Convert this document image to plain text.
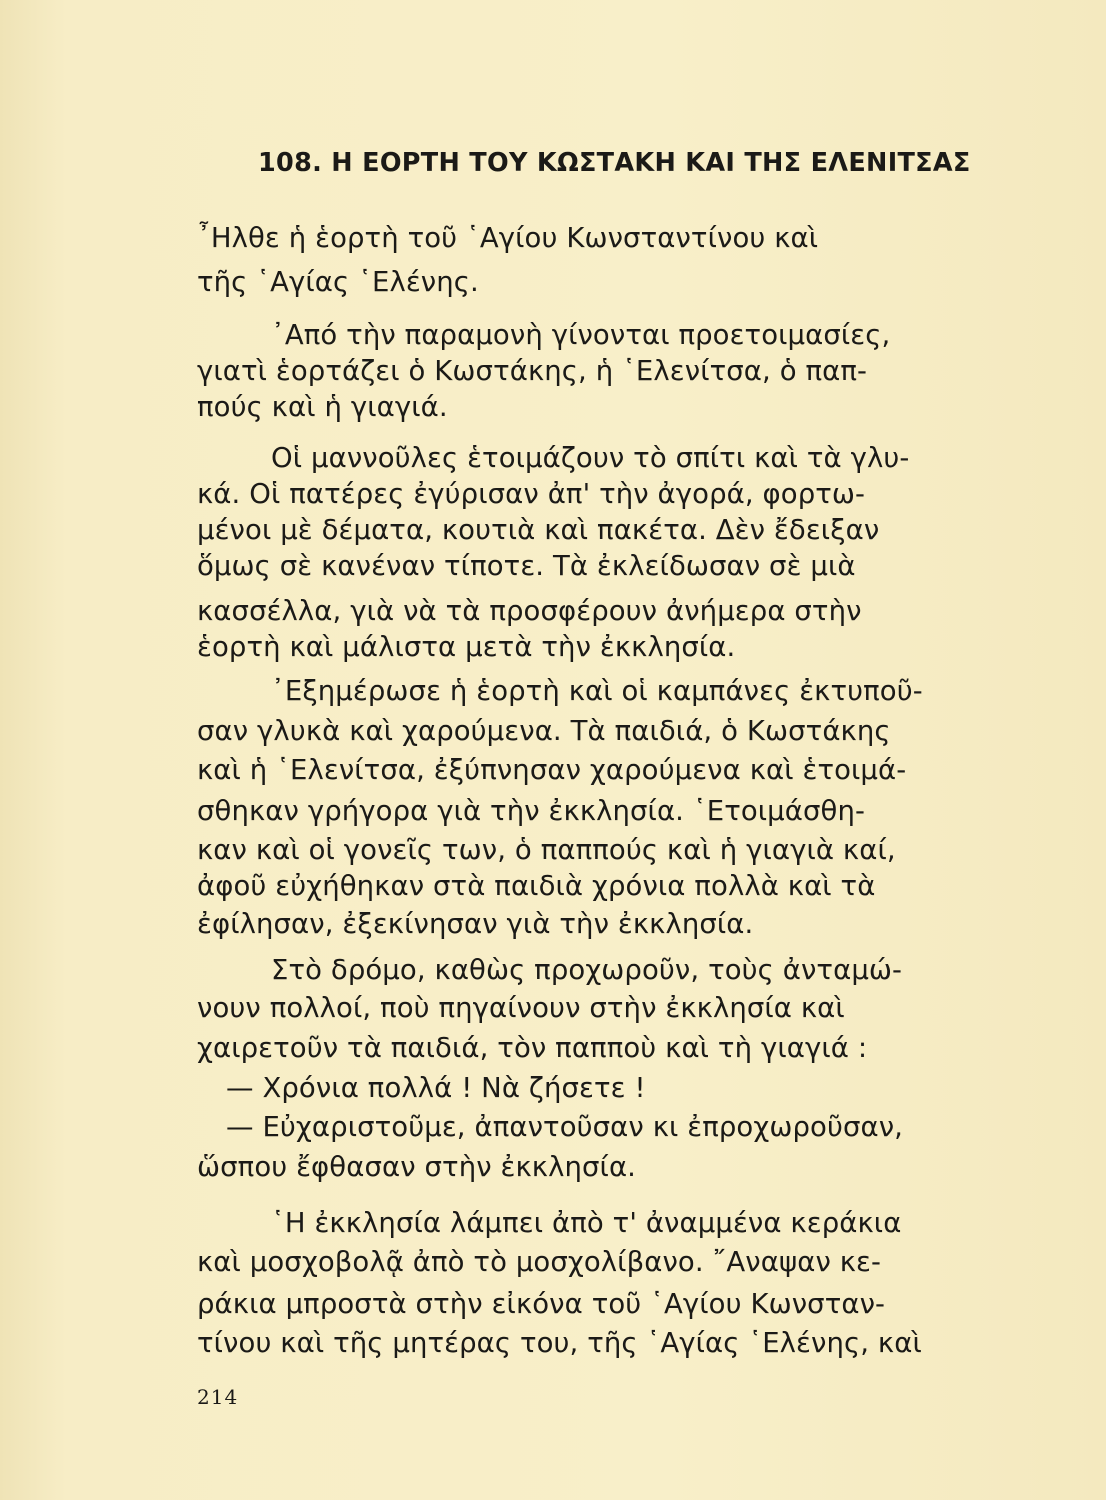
108. Η ΕΟΡΤΗ ΤΟΥ ΚΩΣΤΑΚΗ ΚΑΙ ΤΗΣ ΕΛΕΝΙΤΣΑΣ
῏Ηλθε ἡ ἑορτὴ τοῦ ῾Αγίου Κωνσταντίνου καὶ
τῆς ῾Αγίας ῾Ελένης.
᾿Από τὴν παραμονὴ γίνονται προετοιμασίες,
γιατὶ ἑορτάζει ὁ Κωστάκης, ἡ ῾Ελενίτσα, ὁ παπ-
πούς καὶ ἡ γιαγιά.
Οἱ μαννοῦλες ἑτοιμάζουν τὸ σπίτι καὶ τὰ γλυ-
κά. Οἱ πατέρες ἐγύρισαν ἀπ' τὴν ἀγορά, φορτω-
μένοι μὲ δέματα, κουτιὰ καὶ πακέτα. Δὲν ἔδειξαν
ὅμως σὲ κανέναν τίποτε. Τὰ ἐκλείδωσαν σὲ μιὰ
κασσέλλα, γιὰ νὰ τὰ προσφέρουν ἀνήμερα στὴν
ἑορτὴ καὶ μάλιστα μετὰ τὴν ἐκκλησία.
᾿Εξημέρωσε ἡ ἑορτὴ καὶ οἱ καμπάνες ἐκτυποῦ-
σαν γλυκὰ καὶ χαρούμενα. Τὰ παιδιά, ὁ Κωστάκης
καὶ ἡ ῾Ελενίτσα, ἐξύπνησαν χαρούμενα καὶ ἑτοιμά-
σθηκαν γρήγορα γιὰ τὴν ἐκκλησία. ῾Ετοιμάσθη-
καν καὶ οἱ γονεῖς των, ὁ παππούς καὶ ἡ γιαγιὰ καί,
ἀφοῦ εὐχήθηκαν στὰ παιδιὰ χρόνια πολλὰ καὶ τὰ
ἐφίλησαν, ἐξεκίνησαν γιὰ τὴν ἐκκλησία.
Στὸ δρόμο, καθὼς προχωροῦν, τοὺς ἀνταμώ-
νουν πολλοί, ποὺ πηγαίνουν στὴν ἐκκλησία καὶ
χαιρετοῦν τὰ παιδιά, τὸν παπποὺ καὶ τὴ γιαγιά :
— Χρόνια πολλά ! Νὰ ζήσετε !
— Εὐχαριστοῦμε, ἀπαντοῦσαν κι ἐπροχωροῦσαν,
ὥσπου ἔφθασαν στὴν ἐκκλησία.
῾Η ἐκκλησία λάμπει ἀπὸ τ' ἀναμμένα κεράκια
καὶ μοσχοβολᾷ ἀπὸ τὸ μοσχολίβανο. ῎Αναψαν κε-
ράκια μπροστὰ στὴν εἰκόνα τοῦ ῾Αγίου Κωνσταν-
τίνου καὶ τῆς μητέρας του, τῆς ῾Αγίας ῾Ελένης, καὶ
214
